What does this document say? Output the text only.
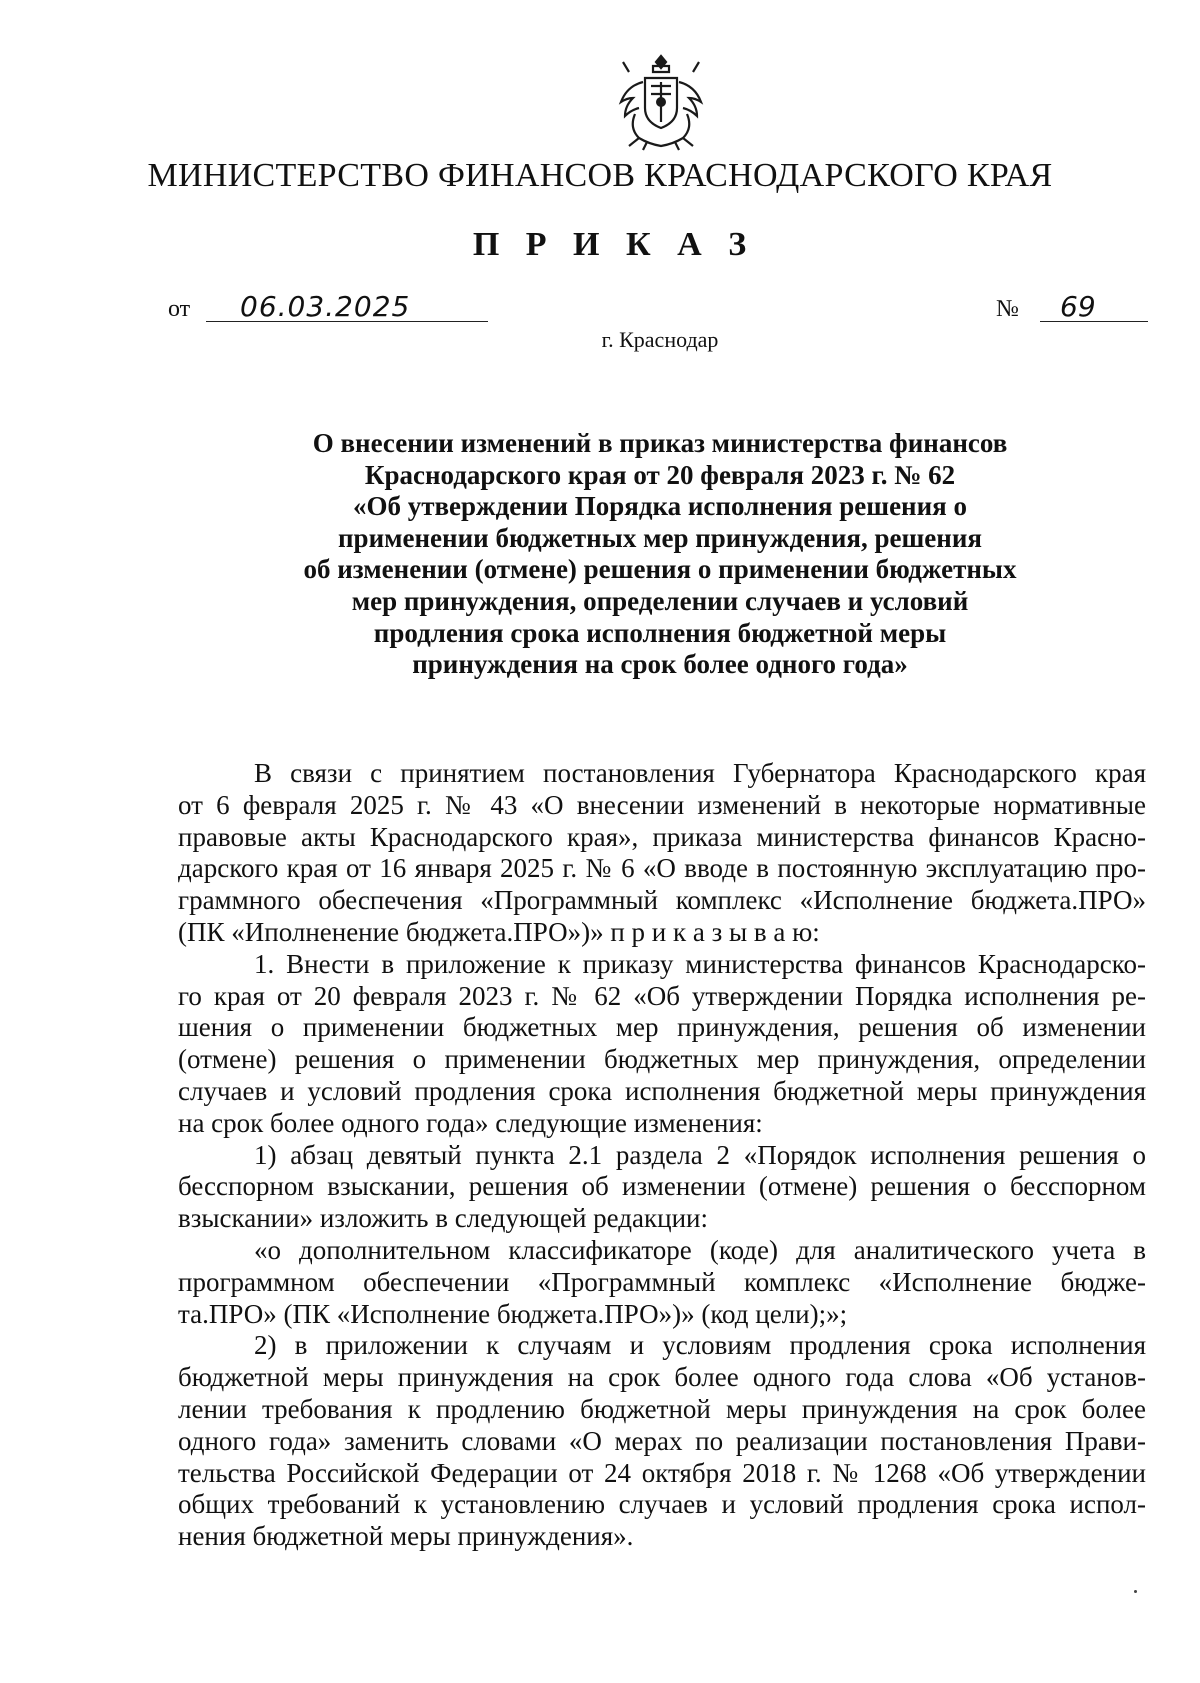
МИНИСТЕРСТВО ФИНАНСОВ КРАСНОДАРСКОГО КРАЯ
П Р И К А З
от 06.03.2025	№ 69
г. Краснодар
О внесении изменений в приказ министерства финансов
Краснодарского края от 20 февраля 2023 г. № 62
«Об утверждении Порядка исполнения решения о
применении бюджетных мер принуждения, решения
об изменении (отмене) решения о применении бюджетных
мер принуждения, определении случаев и условий
продления срока исполнения бюджетной меры
принуждения на срок более одного года»
В связи с принятием постановления Губернатора Краснодарского края
от 6 февраля 2025 г. № 43 «О внесении изменений в некоторые нормативные
правовые акты Краснодарского края», приказа министерства финансов Красно-
дарского края от 16 января 2025 г. № 6 «О вводе в постоянную эксплуатацию про-
граммного обеспечения «Программный комплекс «Исполнение бюджета.ПРО»
(ПК «Иполненение бюджета.ПРО»)» п р и к а з ы в а ю:
1. Внести в приложение к приказу министерства финансов Краснодарско-
го края от 20 февраля 2023 г. № 62 «Об утверждении Порядка исполнения ре-
шения о применении бюджетных мер принуждения, решения об изменении
(отмене) решения о применении бюджетных мер принуждения, определении
случаев и условий продления срока исполнения бюджетной меры принуждения
на срок более одного года» следующие изменения:
1) абзац девятый пункта 2.1 раздела 2 «Порядок исполнения решения о
бесспорном взыскании, решения об изменении (отмене) решения о бесспорном
взыскании» изложить в следующей редакции:
«о дополнительном классификаторе (коде) для аналитического учета в
программном обеспечении «Программный комплекс «Исполнение бюдже-
та.ПРО» (ПК «Исполнение бюджета.ПРО»)» (код цели);»;
2) в приложении к случаям и условиям продления срока исполнения
бюджетной меры принуждения на срок более одного года слова «Об установ-
лении требования к продлению бюджетной меры принуждения на срок более
одного года» заменить словами «О мерах по реализации постановления Прави-
тельства Российской Федерации от 24 октября 2018 г. № 1268 «Об утверждении
общих требований к установлению случаев и условий продления срока испол-
нения бюджетной меры принуждения».
